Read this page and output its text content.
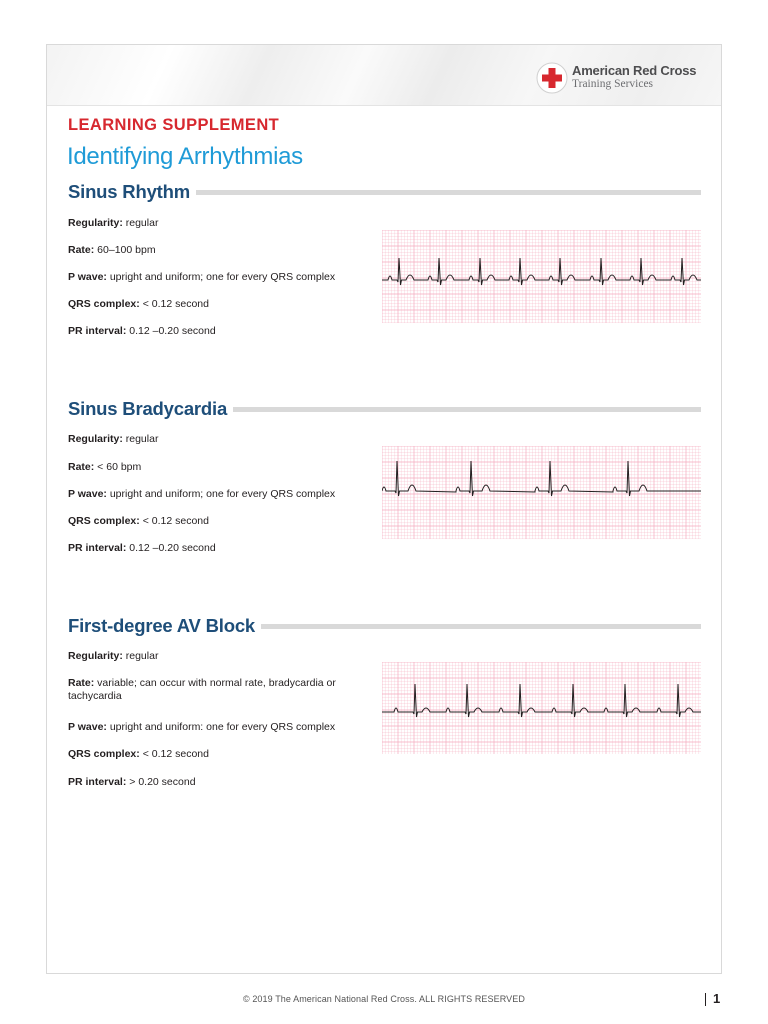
American Red Cross
Training Services
LEARNING SUPPLEMENT
Identifying Arrhythmias
Sinus Rhythm
Regularity: regular
Rate: 60–100 bpm
P wave: upright and uniform; one for every QRS complex
QRS complex: < 0.12 second
PR interval: 0.12 –0.20 second
Sinus Bradycardia
Regularity: regular
Rate: < 60 bpm
P wave: upright and uniform; one for every QRS complex
QRS complex: < 0.12 second
PR interval: 0.12 –0.20 second
First-degree AV Block
Regularity: regular
Rate: variable; can occur with normal rate, bradycardia or tachycardia
P wave: upright and uniform: one for every QRS complex
QRS complex: < 0.12 second
PR interval: > 0.20 second
© 2019 The American National Red Cross. ALL RIGHTS RESERVED	1
